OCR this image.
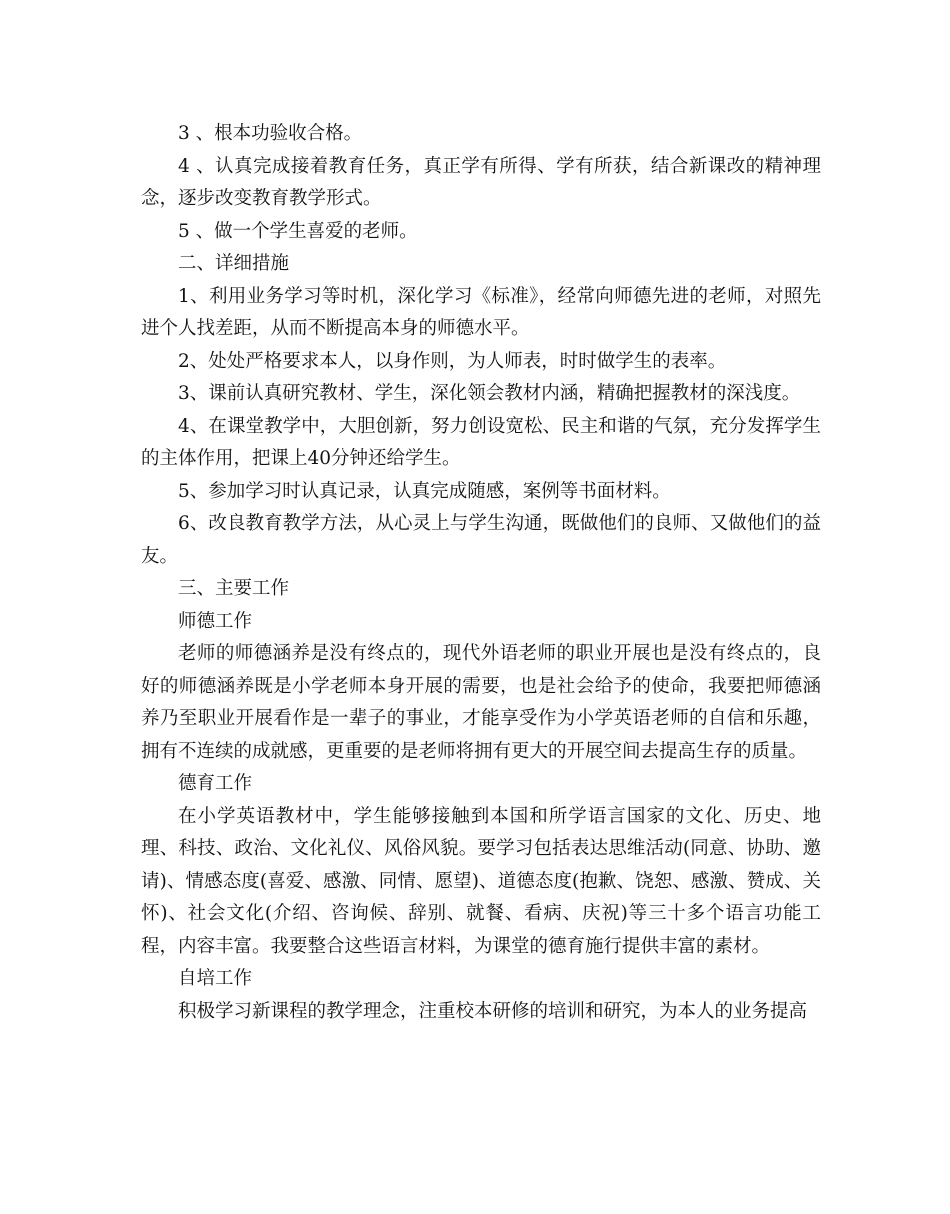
3 、根本功验收合格。

4 、认真完成接着教育任务，真正学有所得、学有所获，结合新课改的精神理念，逐步改变教育教学形式。

5 、做一个学生喜爱的老师。

二、详细措施

1、利用业务学习等时机，深化学习《标准》，经常向师德先进的老师，对照先进个人找差距，从而不断提高本身的师德水平。

2、处处严格要求本人，以身作则，为人师表，时时做学生的表率。

3、课前认真研究教材、学生，深化领会教材内涵，精确把握教材的深浅度。

4、在课堂教学中，大胆创新，努力创设宽松、民主和谐的气氛，充分发挥学生的主体作用，把课上40分钟还给学生。

5、参加学习时认真记录，认真完成随感，案例等书面材料。

6、改良教育教学方法，从心灵上与学生沟通，既做他们的良师、又做他们的益友。

三、主要工作

师德工作

老师的师德涵养是没有终点的，现代外语老师的职业开展也是没有终点的，良好的师德涵养既是小学老师本身开展的需要，也是社会给予的使命，我要把师德涵养乃至职业开展看作是一辈子的事业，才能享受作为小学英语老师的自信和乐趣，拥有不连续的成就感，更重要的是老师将拥有更大的开展空间去提高生存的质量。

德育工作

在小学英语教材中，学生能够接触到本国和所学语言国家的文化、历史、地理、科技、政治、文化礼仪、风俗风貌。要学习包括表达思维活动(同意、协助、邀请)、情感态度(喜爱、感激、同情、愿望)、道德态度(抱歉、饶恕、感激、赞成、关怀)、社会文化(介绍、咨询候、辞别、就餐、看病、庆祝)等三十多个语言功能工程，内容丰富。我要整合这些语言材料，为课堂的德育施行提供丰富的素材。

自培工作

积极学习新课程的教学理念，注重校本研修的培训和研究，为本人的业务提高
